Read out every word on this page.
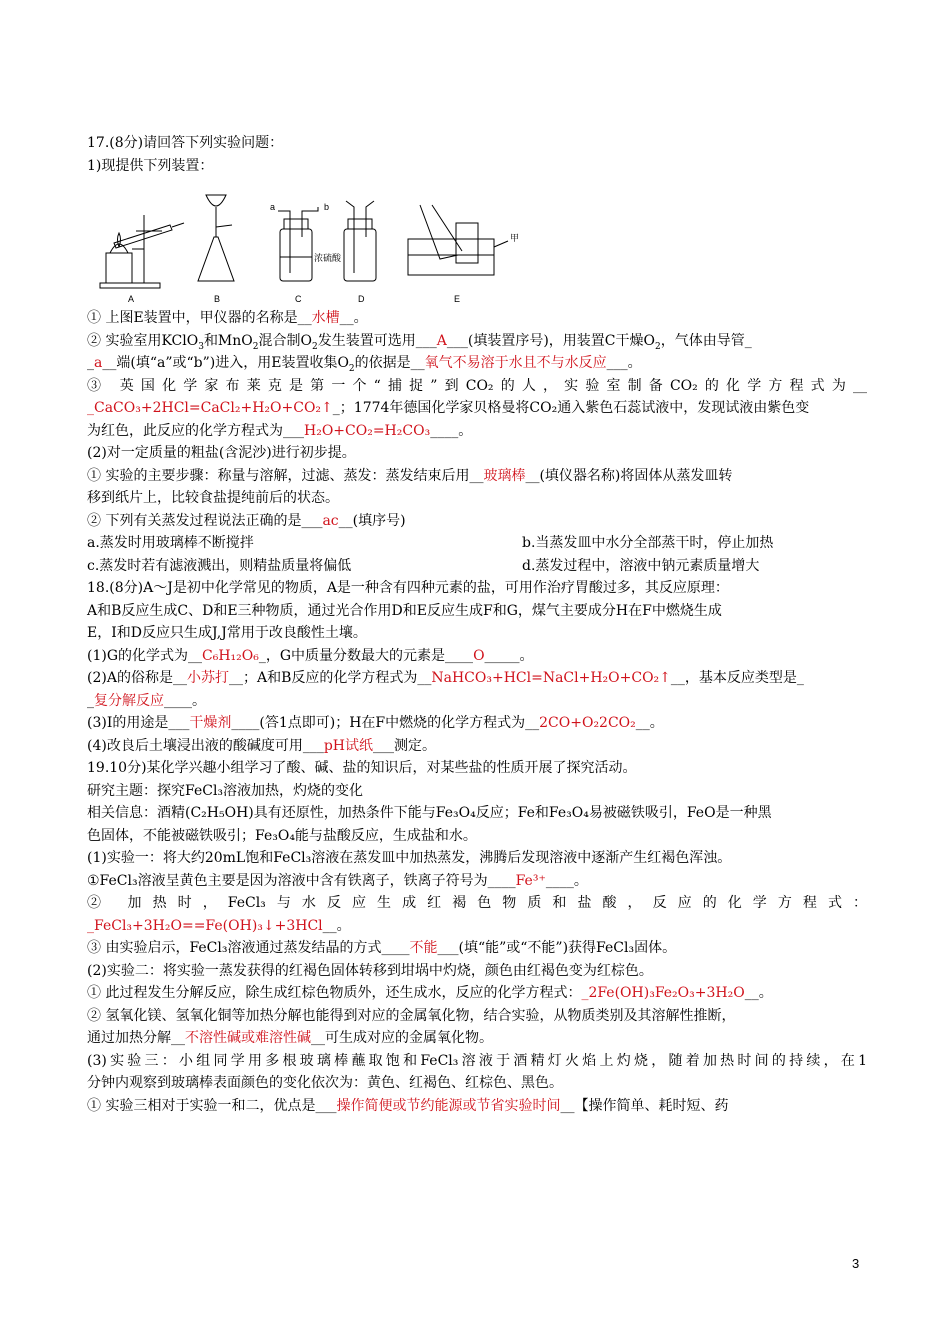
17.(8分)请回答下列实验问题：
1)现提供下列装置：
A	B	C	D	E
a	b
浓硫酸
甲
① 上图E装置中，甲仪器的名称是__水槽__。
② 实验室用KClO$_3$和MnO$_2$混合制$O_2$发生装置可选用___A___(填装置序号)，用装置C干燥$O_2$，气体由导管_
_a__端(填“a”或“b”)进入，用E装置收集$O_2$的依据是__氧气不易溶于水且不与水反应___。
③ 英国化学家布莱克是第一个“捕捉”到CO₂的人，实验室制备CO₂的化学方程式为__
_CaCO₃+2HCl=CaCl₂+H₂O+CO₂↑_；1774年德国化学家贝格曼将CO₂通入紫色石蕊试液中，发现试液由紫色变
为红色，此反应的化学方程式为___H₂O+CO₂=H₂CO₃____。
(2)对一定质量的粗盐(含泥沙)进行初步提。
① 实验的主要步骤：称量与溶解，过滤、蒸发：蒸发结束后用__玻璃棒__(填仪器名称)将固体从蒸发皿转
移到纸片上，比较食盐提纯前后的状态。
② 下列有关蒸发过程说法正确的是___ac__(填序号)
a.蒸发时用玻璃棒不断搅拌	b.当蒸发皿中水分全部蒸干时，停止加热
c.蒸发时若有滤液溅出，则精盐质量将偏低	d.蒸发过程中，溶液中钠元素质量增大
18.(8分)A～J是初中化学常见的物质，A是一种含有四种元素的盐，可用作治疗胃酸过多，其反应原理：
A和B反应生成C、D和E三种物质，通过光合作用D和E反应生成F和G，煤气主要成分H在F中燃烧生成
E，I和D反应只生成J,J常用于改良酸性土壤。
(1)G的化学式为__C₆H₁₂O₆_，G中质量分数最大的元素是____O_____。
(2)A的俗称是__小苏打__；A和B反应的化学方程式为__NaHCO₃+HCl=NaCl+H₂O+CO₂↑__，基本反应类型是_
_复分解反应____。
(3)I的用途是___干燥剂____(答1点即可)；H在F中燃烧的化学方程式为__2CO+O₂2CO₂__。
(4)改良后土壤浸出液的酸碱度可用___pH试纸___测定。
19.10分)某化学兴趣小组学习了酸、碱、盐的知识后，对某些盐的性质开展了探究活动。
研究主题：探究FeCl₃溶液加热，灼烧的变化
相关信息：酒精(C₂H₅OH)具有还原性，加热条件下能与Fe₃O₄反应；Fe和Fe₃O₄易被磁铁吸引，FeO是一种黑
色固体，不能被磁铁吸引；Fe₃O₄能与盐酸反应，生成盐和水。
(1)实验一：将大约20mL饱和FeCl₃溶液在蒸发皿中加热蒸发，沸腾后发现溶液中逐渐产生红褐色浑浊。
①FeCl₃溶液呈黄色主要是因为溶液中含有铁离子，铁离子符号为____Fe³⁺____。
② 加热时，FeCl₃与水反应生成红褐色物质和盐酸，反应的化学方程式：
_FeCl₃+3H₂O==Fe(OH)₃↓+3HCl__。
③ 由实验启示，FeCl₃溶液通过蒸发结晶的方式____不能___(填“能”或“不能”)获得FeCl₃固体。
(2)实验二：将实验一蒸发获得的红褐色固体转移到坩埚中灼烧，颜色由红褐色变为红棕色。
① 此过程发生分解反应，除生成红棕色物质外，还生成水，反应的化学方程式：_2Fe(OH)₃Fe₂O₃+3H₂O__。
② 氢氧化镁、氢氧化铜等加热分解也能得到对应的金属氧化物，结合实验，从物质类别及其溶解性推断，
通过加热分解__不溶性碱或难溶性碱__可生成对应的金属氧化物。
(3)实验三：小组同学用多根玻璃棒蘸取饱和FeCl₃溶液于酒精灯火焰上灼烧，随着加热时间的持续，在1
分钟内观察到玻璃棒表面颜色的变化依次为：黄色、红褐色、红棕色、黑色。
① 实验三相对于实验一和二，优点是___操作简便或节约能源或节省实验时间__【操作简单、耗时短、药
3
